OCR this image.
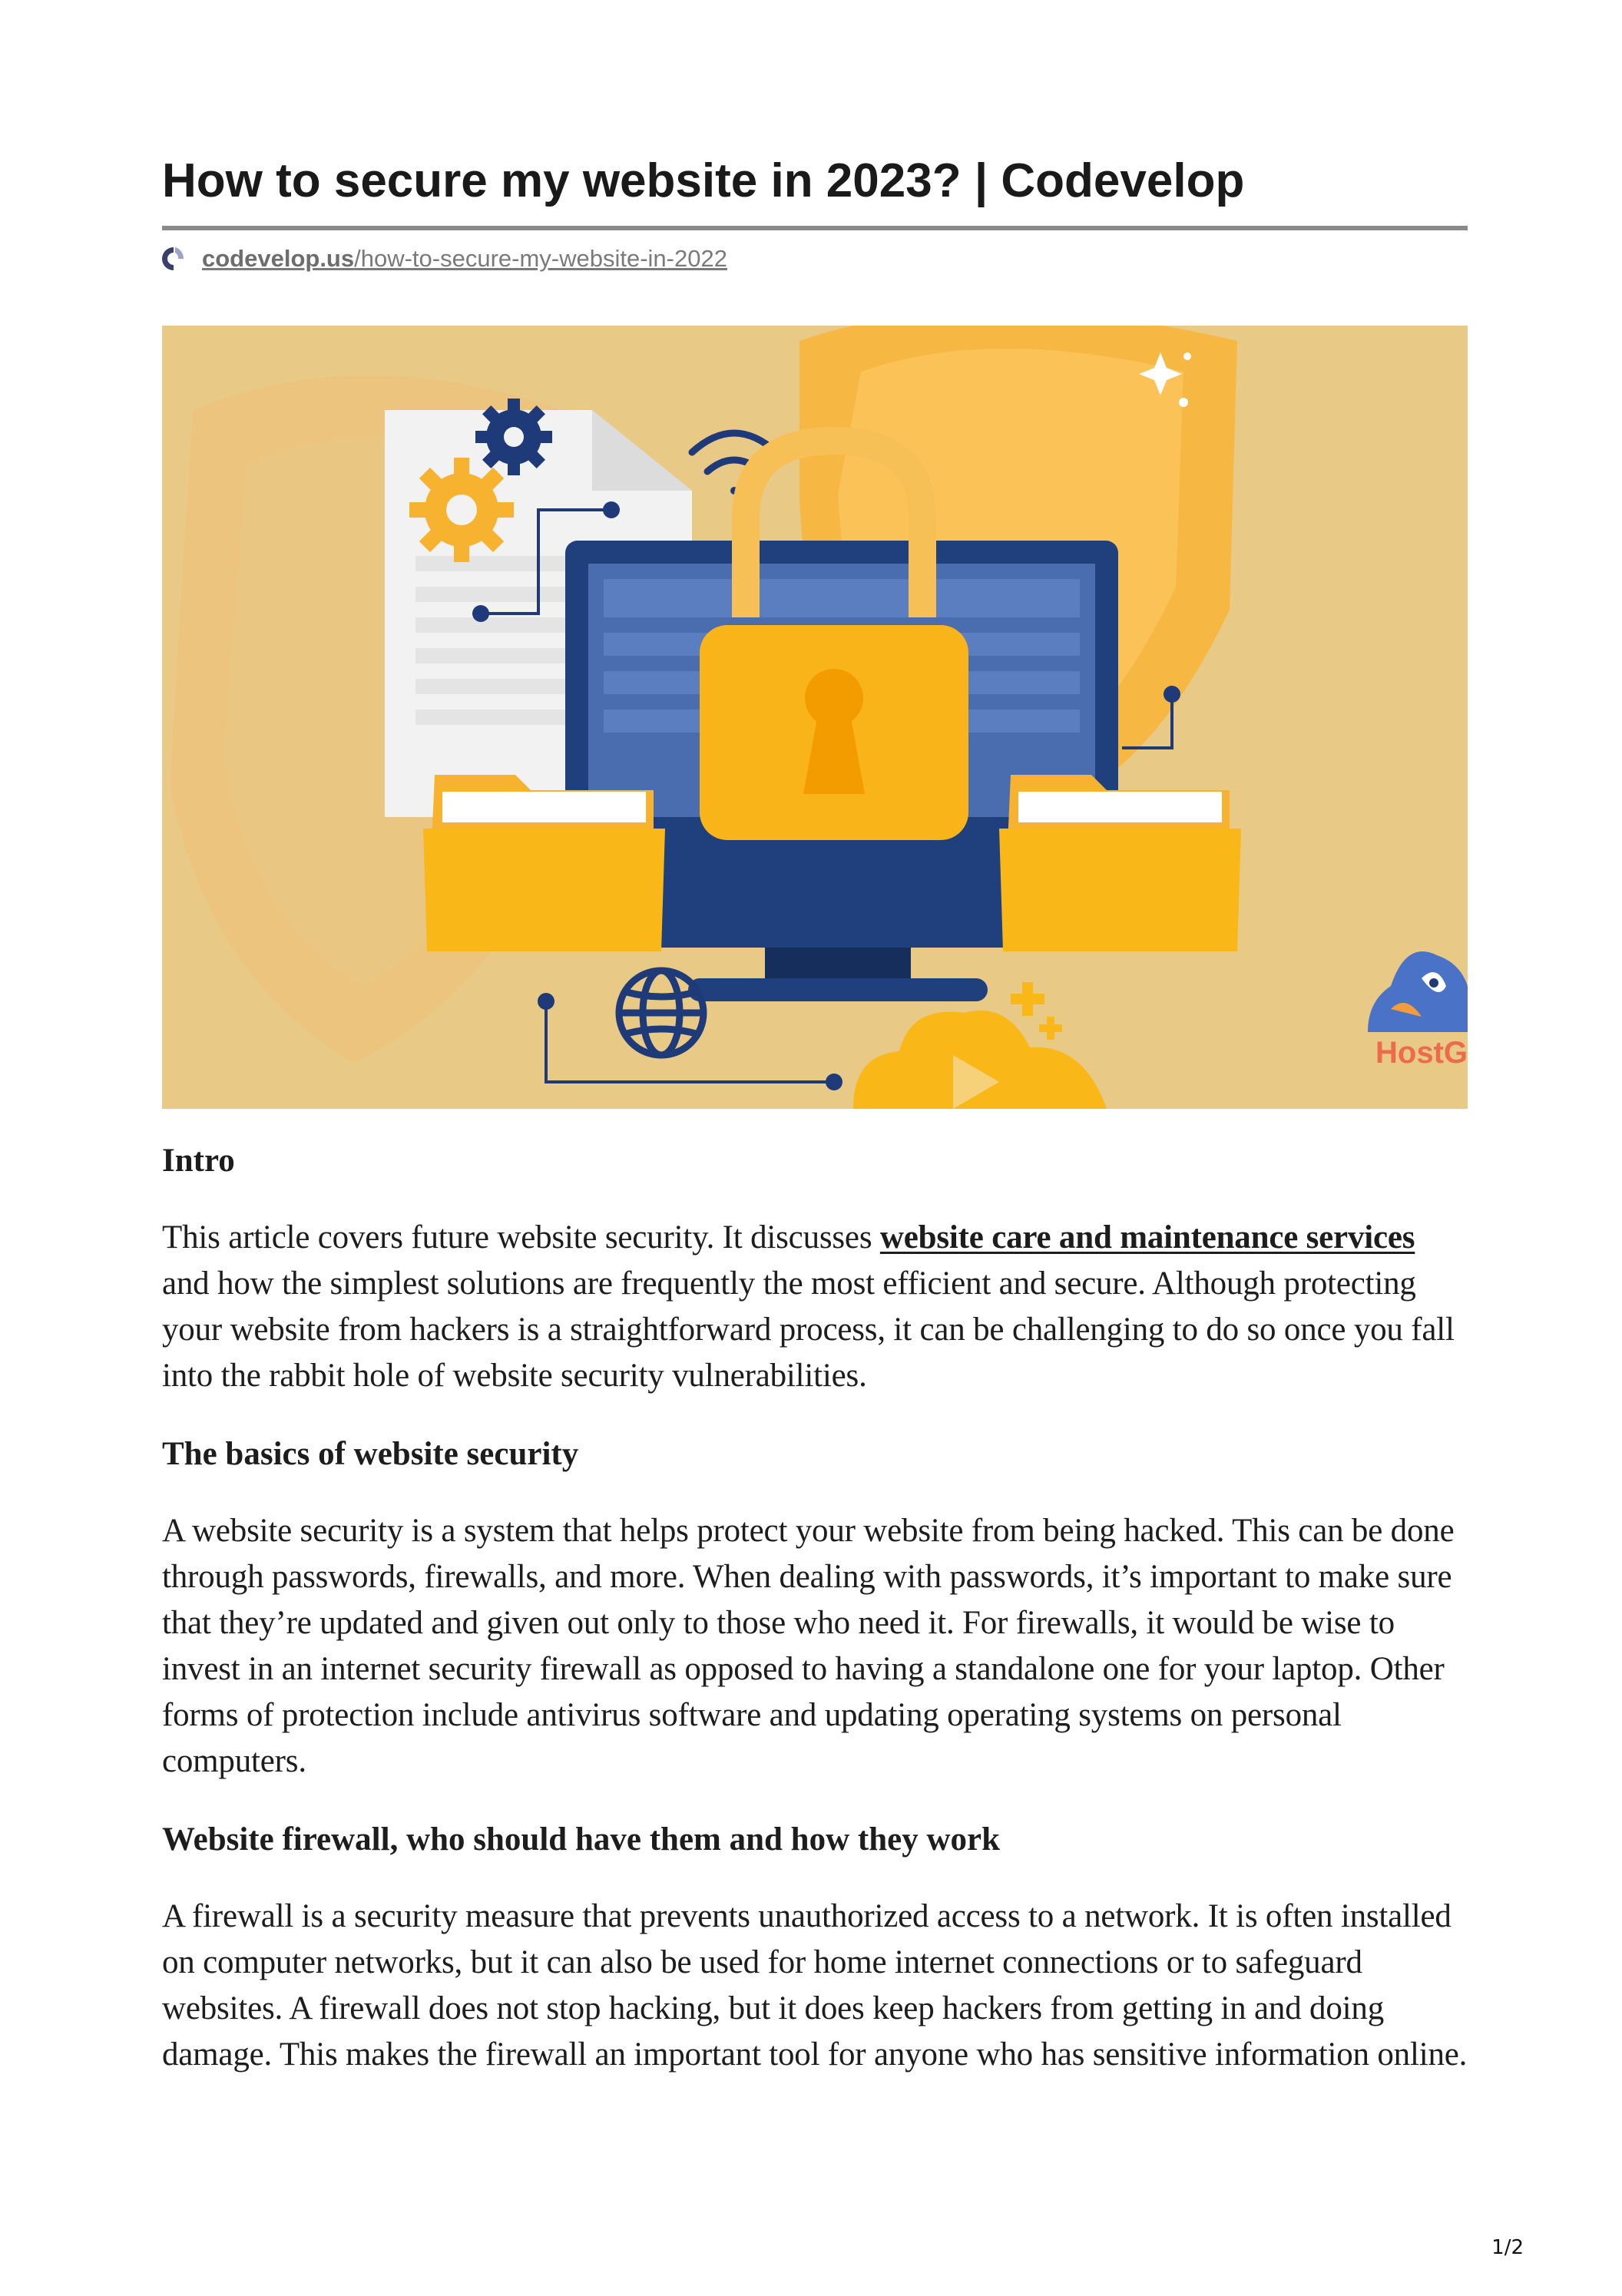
How to secure my website in 2023? | Codevelop
codevelop.us/how-to-secure-my-website-in-2022
HostG
Intro

This article covers future website security. It discusses website care and maintenance services and how the simplest solutions are frequently the most efficient and secure. Although protecting your website from hackers is a straightforward process, it can be challenging to do so once you fall into the rabbit hole of website security vulnerabilities.

The basics of website security

A website security is a system that helps protect your website from being hacked. This can be done through passwords, firewalls, and more. When dealing with passwords, it’s important to make sure that they’re updated and given out only to those who need it. For firewalls, it would be wise to invest in an internet security firewall as opposed to having a standalone one for your laptop. Other forms of protection include antivirus software and updating operating systems on personal computers.

Website firewall, who should have them and how they work

A firewall is a security measure that prevents unauthorized access to a network. It is often installed on computer networks, but it can also be used for home internet connections or to safeguard websites. A firewall does not stop hacking, but it does keep hackers from getting in and doing damage. This makes the firewall an important tool for anyone who has sensitive information online.

1/2
